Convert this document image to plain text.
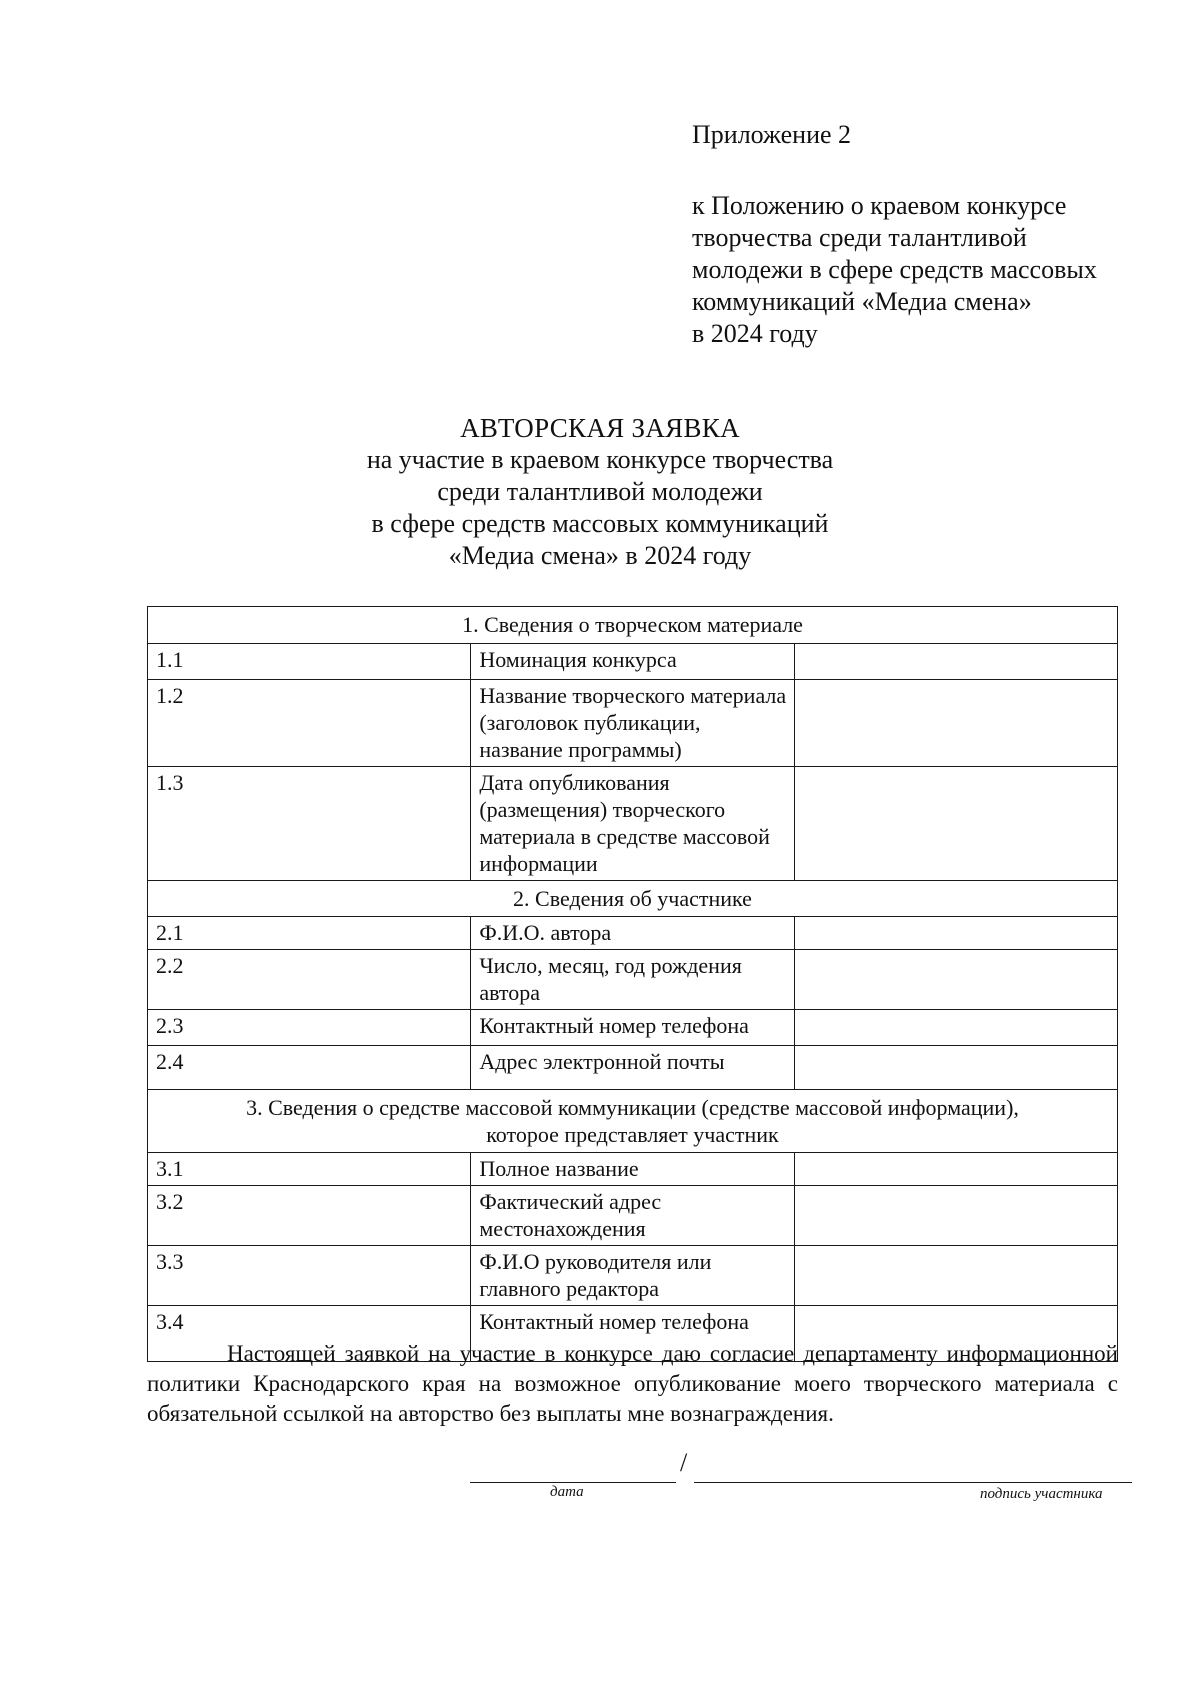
Приложение 2
к Положению о краевом конкурсе
творчества среди талантливой
молодежи в сфере средств массовых
коммуникаций «Медиа смена»
в 2024 году
АВТОРСКАЯ ЗАЯВКА
на участие в краевом конкурсе творчества
среди талантливой молодежи
в сфере средств массовых коммуникаций
«Медиа смена» в 2024 году
1. Сведения о творческом материале		
1.1	Номинация конкурса	
1.2	Название творческого материала (заголовок публикации, название программы)	
1.3	Дата опубликования (размещения) творческого материала в средстве массовой информации	
2. Сведения об участнике		
2.1	Ф.И.О. автора	
2.2	Число, месяц, год рождения автора	
2.3	Контактный номер телефона	
2.4	Адрес электронной почты	
3. Сведения о средстве массовой коммуникации (средстве массовой информации),
которое представляет участник		
3.1	Полное название	
3.2	Фактический адрес местонахождения	
3.3	Ф.И.О руководителя или главного редактора	
3.4	Контактный номер телефона	

Настоящей заявкой на участие в конкурсе даю согласие департаменту информационной политики Краснодарского края на возможное опубликование моего творческого материала с обязательной ссылкой на авторство без выплаты мне вознаграждения.

/
дата	подпись участника
